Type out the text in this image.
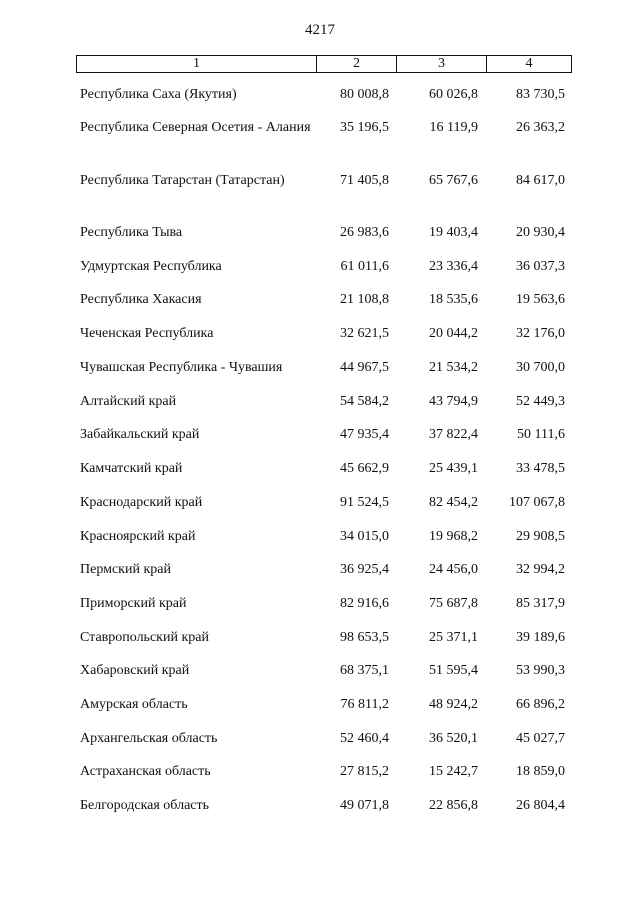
4217
1	2	3	4
Республика Саха (Якутия)	80 008,8	60 026,8	83 730,5
Республика Северная Осетия - Алания	35 196,5	16 119,9	26 363,2
Республика Татарстан (Татарстан)	71 405,8	65 767,6	84 617,0
Республика Тыва	26 983,6	19 403,4	20 930,4
Удмуртская Республика	61 011,6	23 336,4	36 037,3
Республика Хакасия	21 108,8	18 535,6	19 563,6
Чеченская Республика	32 621,5	20 044,2	32 176,0
Чувашская Республика - Чувашия	44 967,5	21 534,2	30 700,0
Алтайский край	54 584,2	43 794,9	52 449,3
Забайкальский край	47 935,4	37 822,4	50 111,6
Камчатский край	45 662,9	25 439,1	33 478,5
Краснодарский край	91 524,5	82 454,2	107 067,8
Красноярский край	34 015,0	19 968,2	29 908,5
Пермский край	36 925,4	24 456,0	32 994,2
Приморский край	82 916,6	75 687,8	85 317,9
Ставропольский край	98 653,5	25 371,1	39 189,6
Хабаровский край	68 375,1	51 595,4	53 990,3
Амурская область	76 811,2	48 924,2	66 896,2
Архангельская область	52 460,4	36 520,1	45 027,7
Астраханская область	27 815,2	15 242,7	18 859,0
Белгородская область	49 071,8	22 856,8	26 804,4
